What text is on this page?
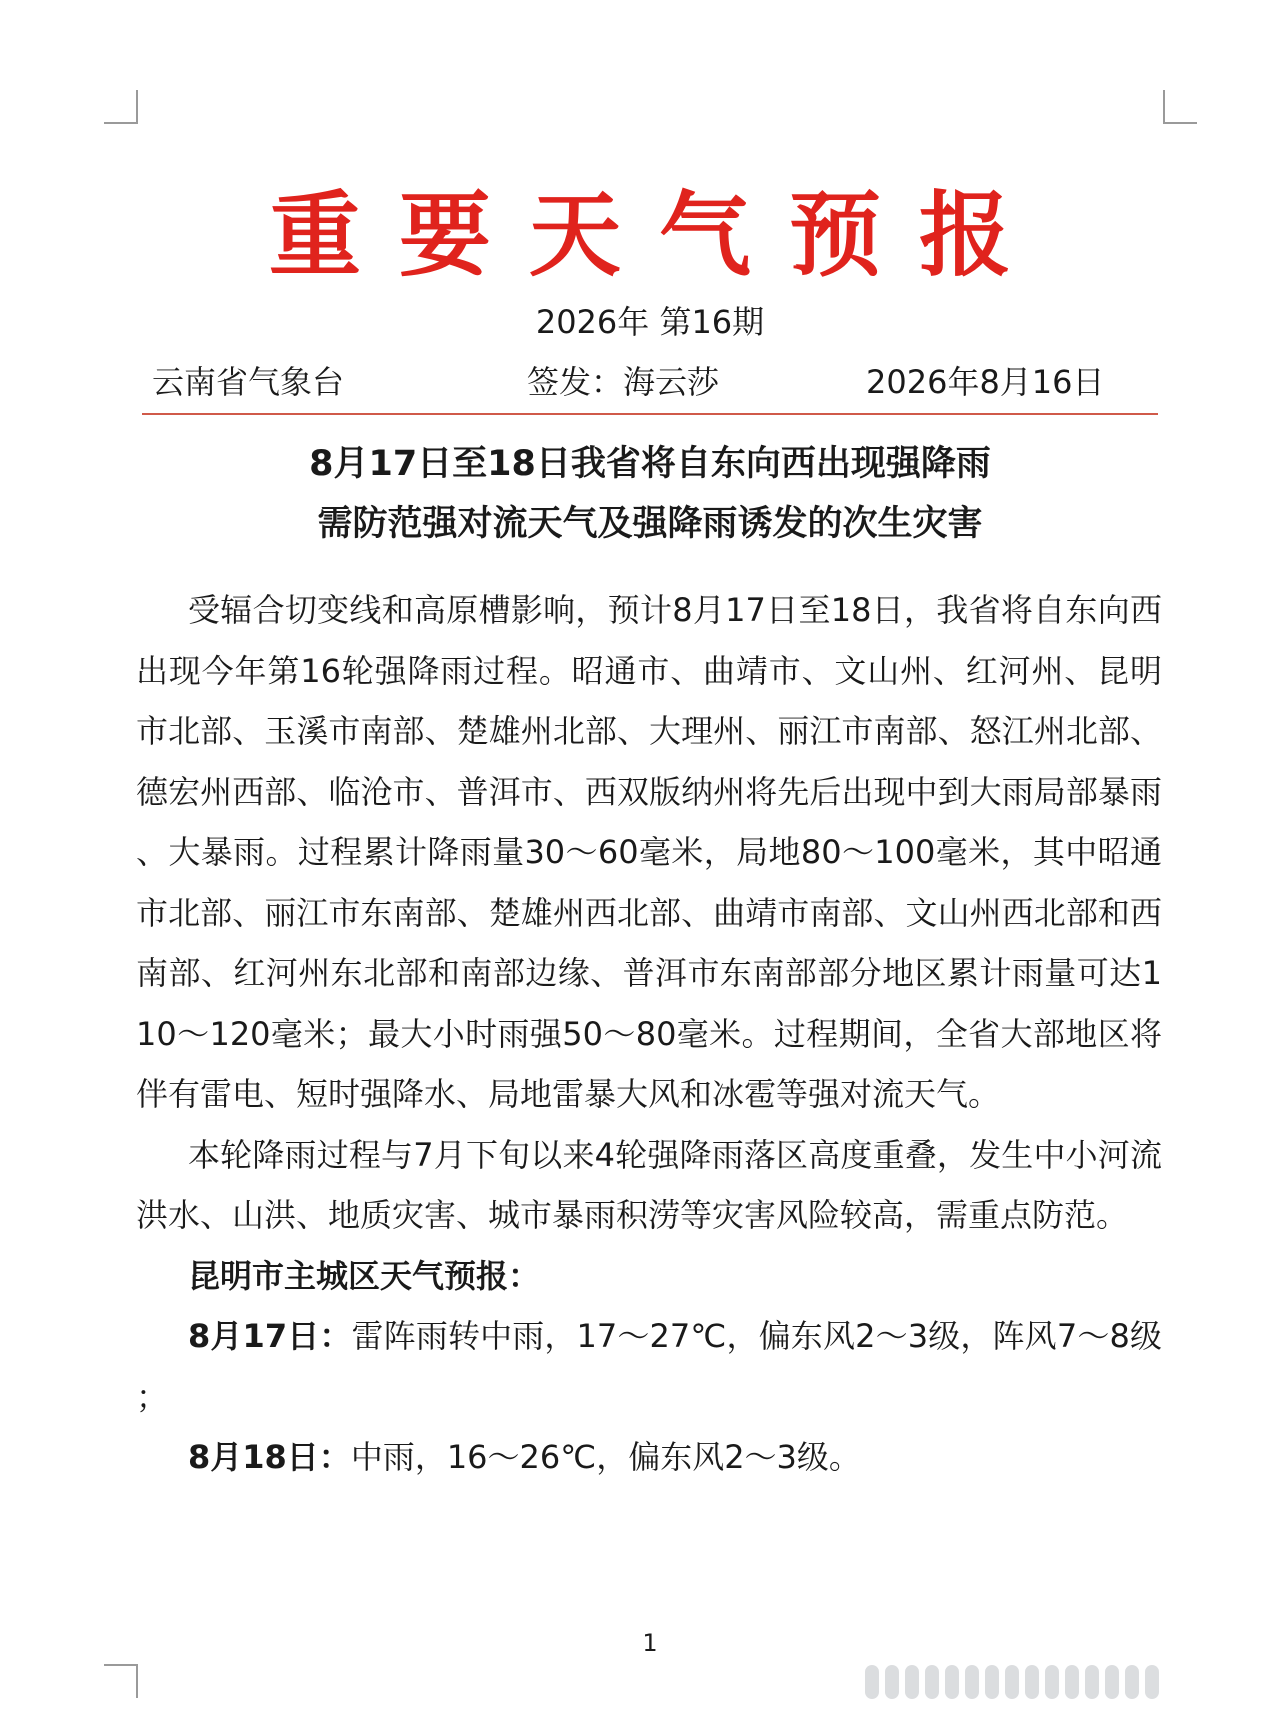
重要天气预报
2026年 第16期
云南省气象台	签发：海云莎	2026年8月16日
8月17日至18日我省将自东向西出现强降雨
需防范强对流天气及强降雨诱发的次生灾害

受辐合切变线和高原槽影响，预计8月17日至18日，我省将自东向西出现今年第16轮强降雨过程。昭通市、曲靖市、文山州、红河州、昆明市北部、玉溪市南部、楚雄州北部、大理州、丽江市南部、怒江州北部、德宏州西部、临沧市、普洱市、西双版纳州将先后出现中到大雨局部暴雨、大暴雨。过程累计降雨量30～60毫米，局地80～100毫米，其中昭通市北部、丽江市东南部、楚雄州西北部、曲靖市南部、文山州西北部和西南部、红河州东北部和南部边缘、普洱市东南部部分地区累计雨量可达110～120毫米；最大小时雨强50～80毫米。过程期间，全省大部地区将伴有雷电、短时强降水、局地雷暴大风和冰雹等强对流天气。

本轮降雨过程与7月下旬以来4轮强降雨落区高度重叠，发生中小河流洪水、山洪、地质灾害、城市暴雨积涝等灾害风险较高，需重点防范。

昆明市主城区天气预报：

8月17日：雷阵雨转中雨，17～27℃，偏东风2～3级，阵风7～8级；

8月18日：中雨，16～26℃，偏东风2～3级。

1
